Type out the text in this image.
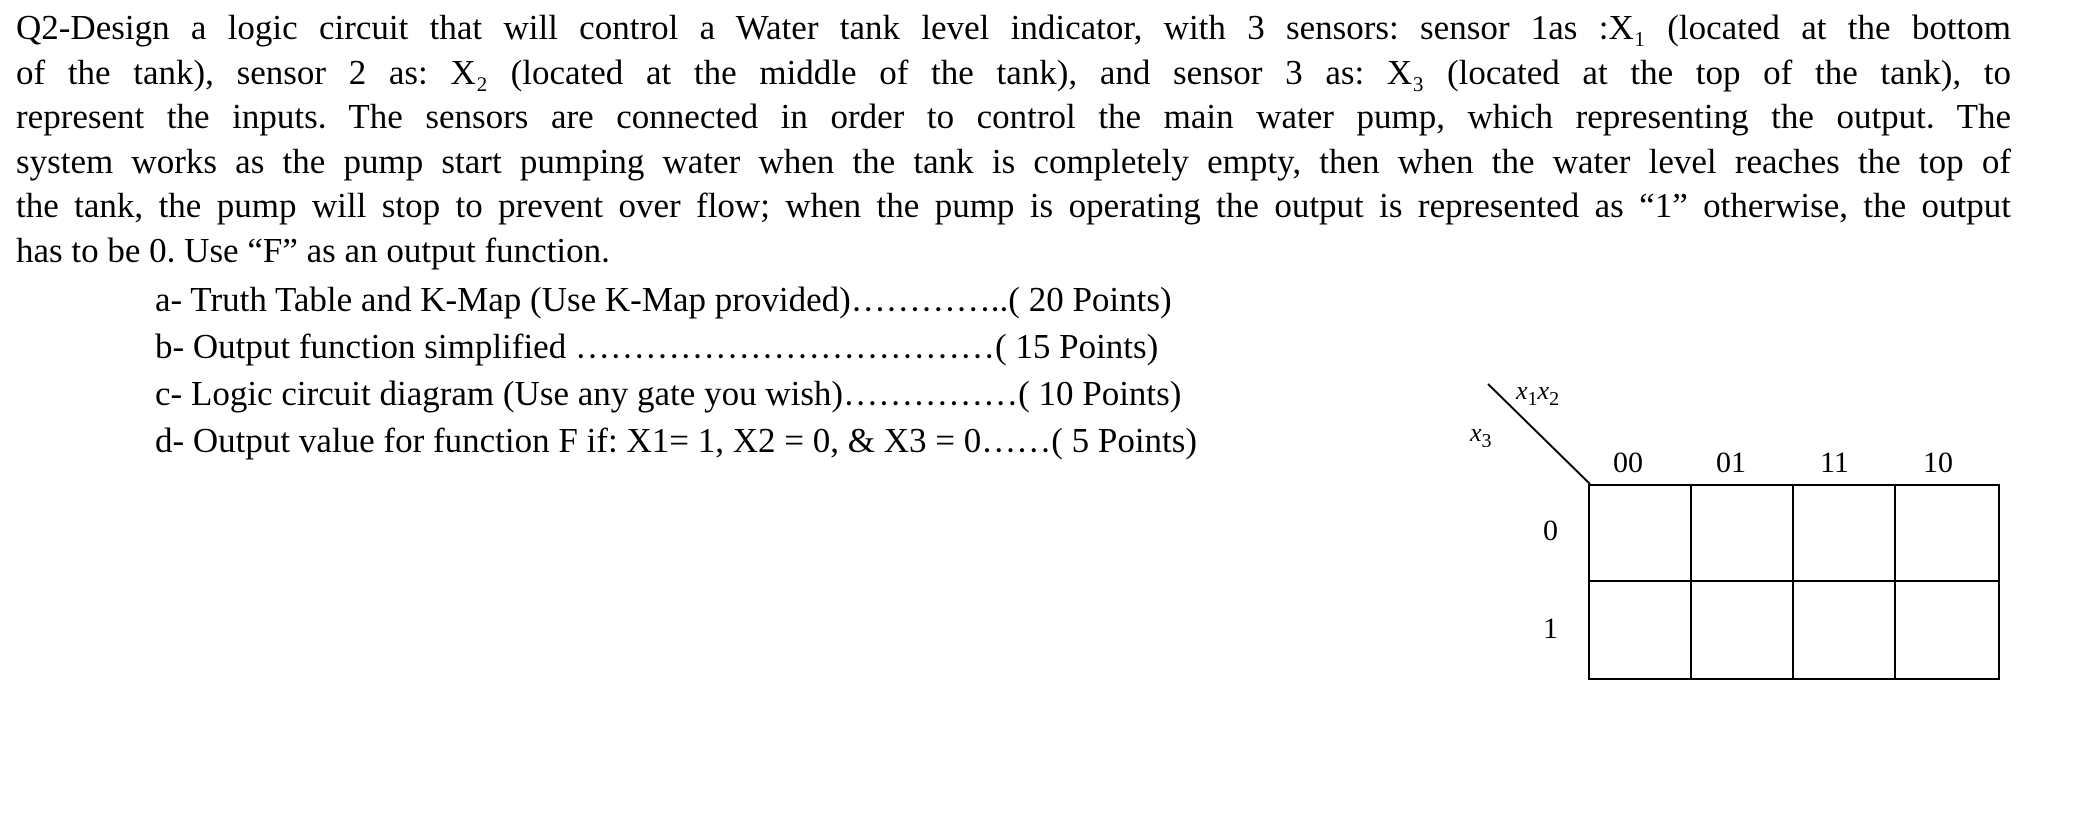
Q2-Design a logic circuit that will control a Water tank level indicator, with 3 sensors: sensor 1as :X₁ (located at the bottom
of the tank), sensor 2 as: X₂ (located at the middle of the tank), and sensor 3 as: X₃ (located at the top of the tank), to
represent the inputs. The sensors are connected in order to control the main water pump, which representing the output. The
system works as the pump start pumping water when the tank is completely empty, then when the water level reaches the top of
the tank, the pump will stop to prevent over flow; when the pump is operating the output is represented as “1” otherwise, the output
has to be 0. Use “F” as an output function.
a- Truth Table and K-Map (Use K-Map provided)…………..( 20 Points)
b- Output function simplified ………………………………( 15 Points)
c- Logic circuit diagram (Use any gate you wish)……………( 10 Points)
d- Output value for function F if: X1= 1, X2 = 0, & X3 = 0……( 5 Points)
$x_1x_2$
$x_3$
00 01 11 10
0
1
